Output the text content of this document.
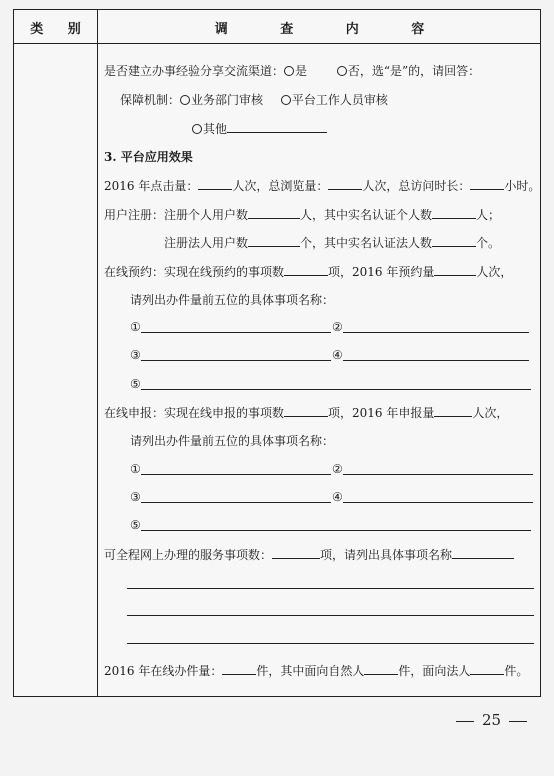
类 别	调 查 内 容
是否建立办事经验分享交流渠道： 是	否，选“是”的，请回答：
保障机制： 业务部门审核 平台工作人员审核
其他
3. 平台应用效果
2016 年点击量：	人次，总浏览量：	人次，总访问时长：	小时。
用户注册：注册个人用户数	人，其中实名认证个人数	人；
注册法人用户数	个，其中实名认证法人数	个。
在线预约：实现在线预约的事项数	项，2016 年预约量	人次，
请列出办件量前五位的具体事项名称：
①	②
③	④
⑤
在线申报：实现在线申报的事项数	项，2016 年申报量	人次，
请列出办件量前五位的具体事项名称：
①	②
③	④
⑤
可全程网上办理的服务事项数：	项，请列出具体事项名称
2016 年在线办件量：	件，其中面向自然人	件，面向法人	件。
25
